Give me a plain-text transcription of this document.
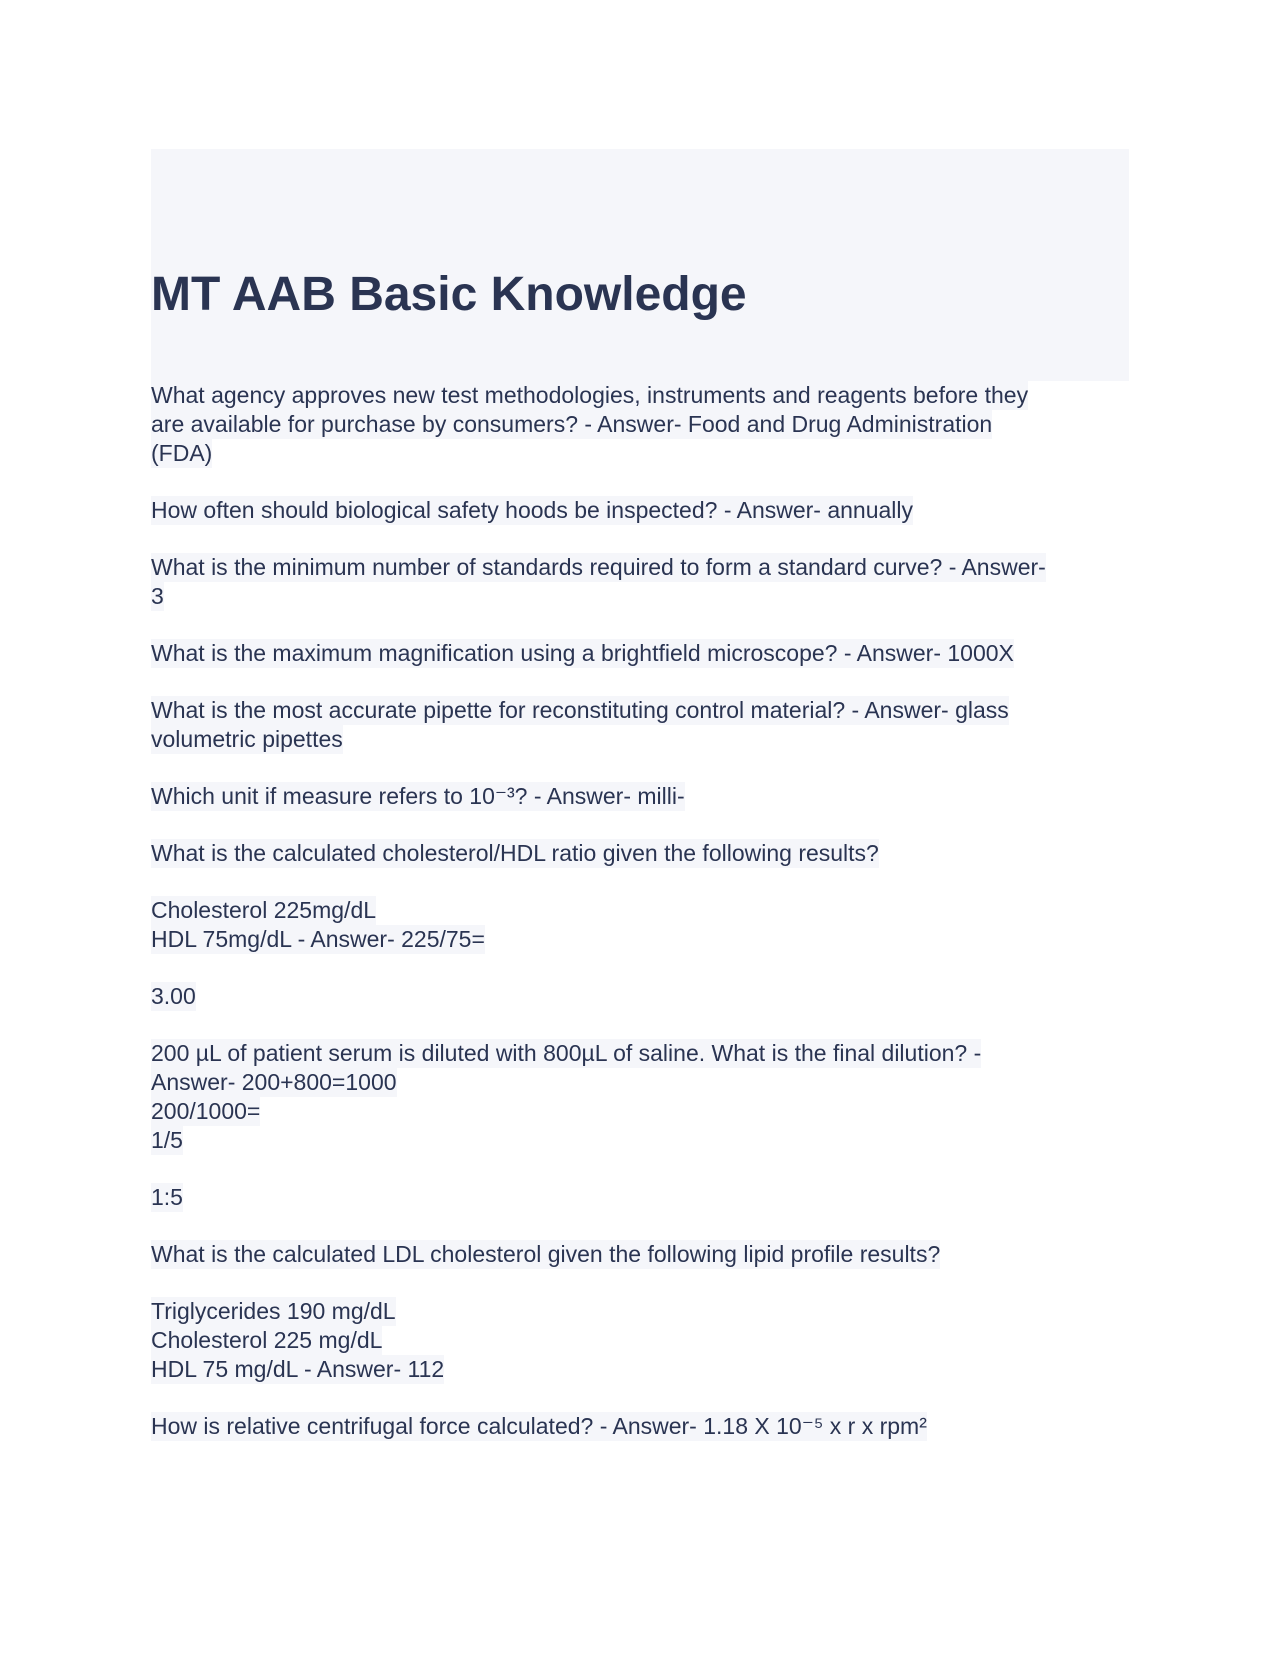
MT AAB Basic Knowledge

What agency approves new test methodologies, instruments and reagents before they
are available for purchase by consumers? - Answer- Food and Drug Administration
(FDA)

How often should biological safety hoods be inspected? - Answer- annually

What is the minimum number of standards required to form a standard curve? - Answer-
3

What is the maximum magnification using a brightfield microscope? - Answer- 1000X

What is the most accurate pipette for reconstituting control material? - Answer- glass
volumetric pipettes

Which unit if measure refers to 10⁻³? - Answer- milli-

What is the calculated cholesterol/HDL ratio given the following results?

Cholesterol 225mg/dL
HDL 75mg/dL - Answer- 225/75=

3.00

200 µL of patient serum is diluted with 800µL of saline. What is the final dilution? -
Answer- 200+800=1000
200/1000=
1/5

1:5

What is the calculated LDL cholesterol given the following lipid profile results?

Triglycerides 190 mg/dL
Cholesterol 225 mg/dL
HDL 75 mg/dL - Answer- 112

How is relative centrifugal force calculated? - Answer- 1.18 X 10⁻⁵ x r x rpm²
